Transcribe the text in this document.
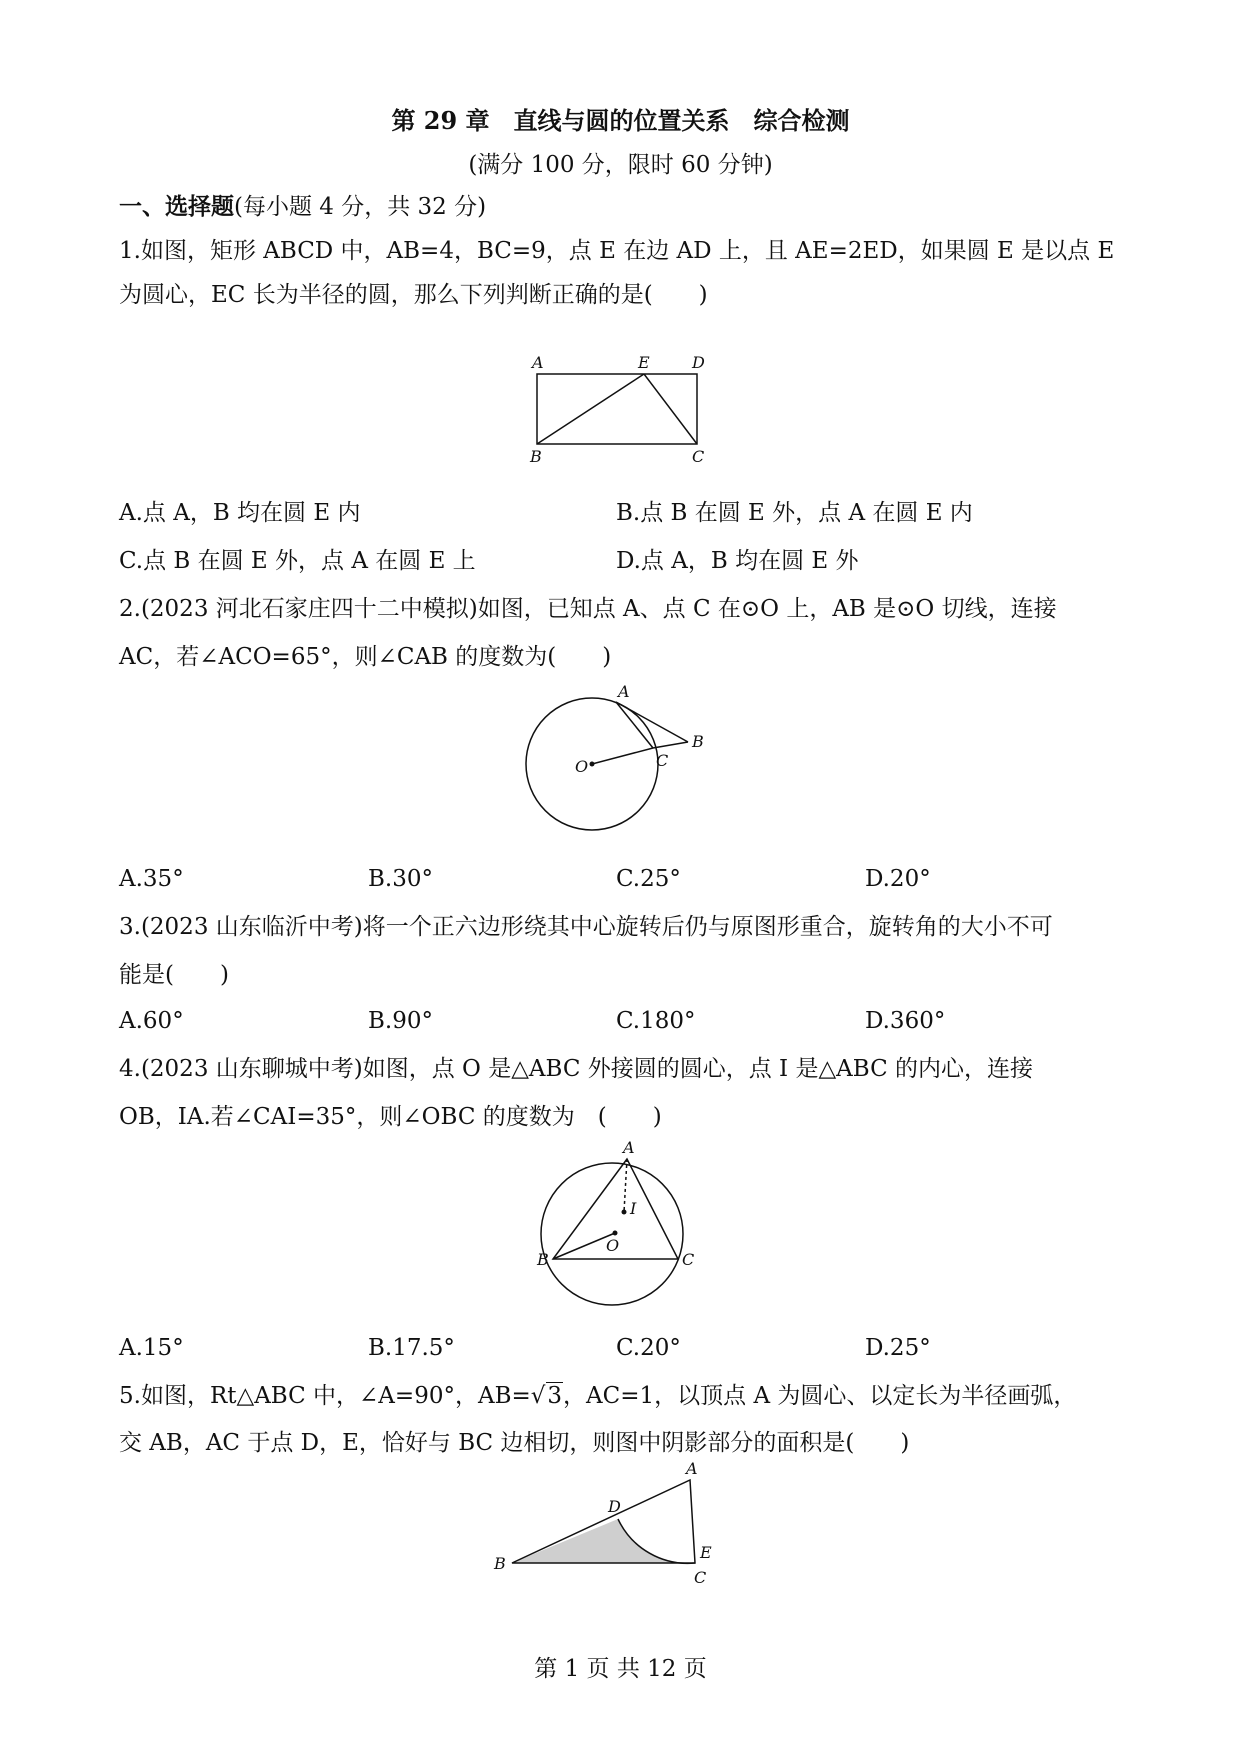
第 29 章　直线与圆的位置关系　综合检测
(满分 100 分，限时 60 分钟)
一、选择题(每小题 4 分，共 32 分)
1.如图，矩形 ABCD 中，AB=4，BC=9，点 E 在边 AD 上，且 AE=2ED，如果圆 E 是以点 E
为圆心，EC 长为半径的圆，那么下列判断正确的是(　　)
A	E	D
B	C
A.点 A，B 均在圆 E 内	B.点 B 在圆 E 外，点 A 在圆 E 内
C.点 B 在圆 E 外，点 A 在圆 E 上	D.点 A，B 均在圆 E 外
2.(2023 河北石家庄四十二中模拟)如图，已知点 A、点 C 在⊙O 上，AB 是⊙O 切线，连接
AC，若∠ACO=65°，则∠CAB 的度数为(　　)
A
B
C
O
A.35°	B.30°	C.25°	D.20°
3.(2023 山东临沂中考)将一个正六边形绕其中心旋转后仍与原图形重合，旋转角的大小不可
能是(　　)
A.60°	B.90°	C.180°	D.360°
4.(2023 山东聊城中考)如图，点 O 是△ABC 外接圆的圆心，点 I 是△ABC 的内心，连接
OB，IA.若∠CAI=35°，则∠OBC 的度数为　(　　)
A
I
O
B	C
A.15°	B.17.5°	C.20°	D.25°
5.如图，Rt△ABC 中，∠A=90°，AB=√3，AC=1，以顶点 A 为圆心、以定长为半径画弧，
交 AB，AC 于点 D，E，恰好与 BC 边相切，则图中阴影部分的面积是(　　)
A
D
B
E
C
第 1 页 共 12 页
